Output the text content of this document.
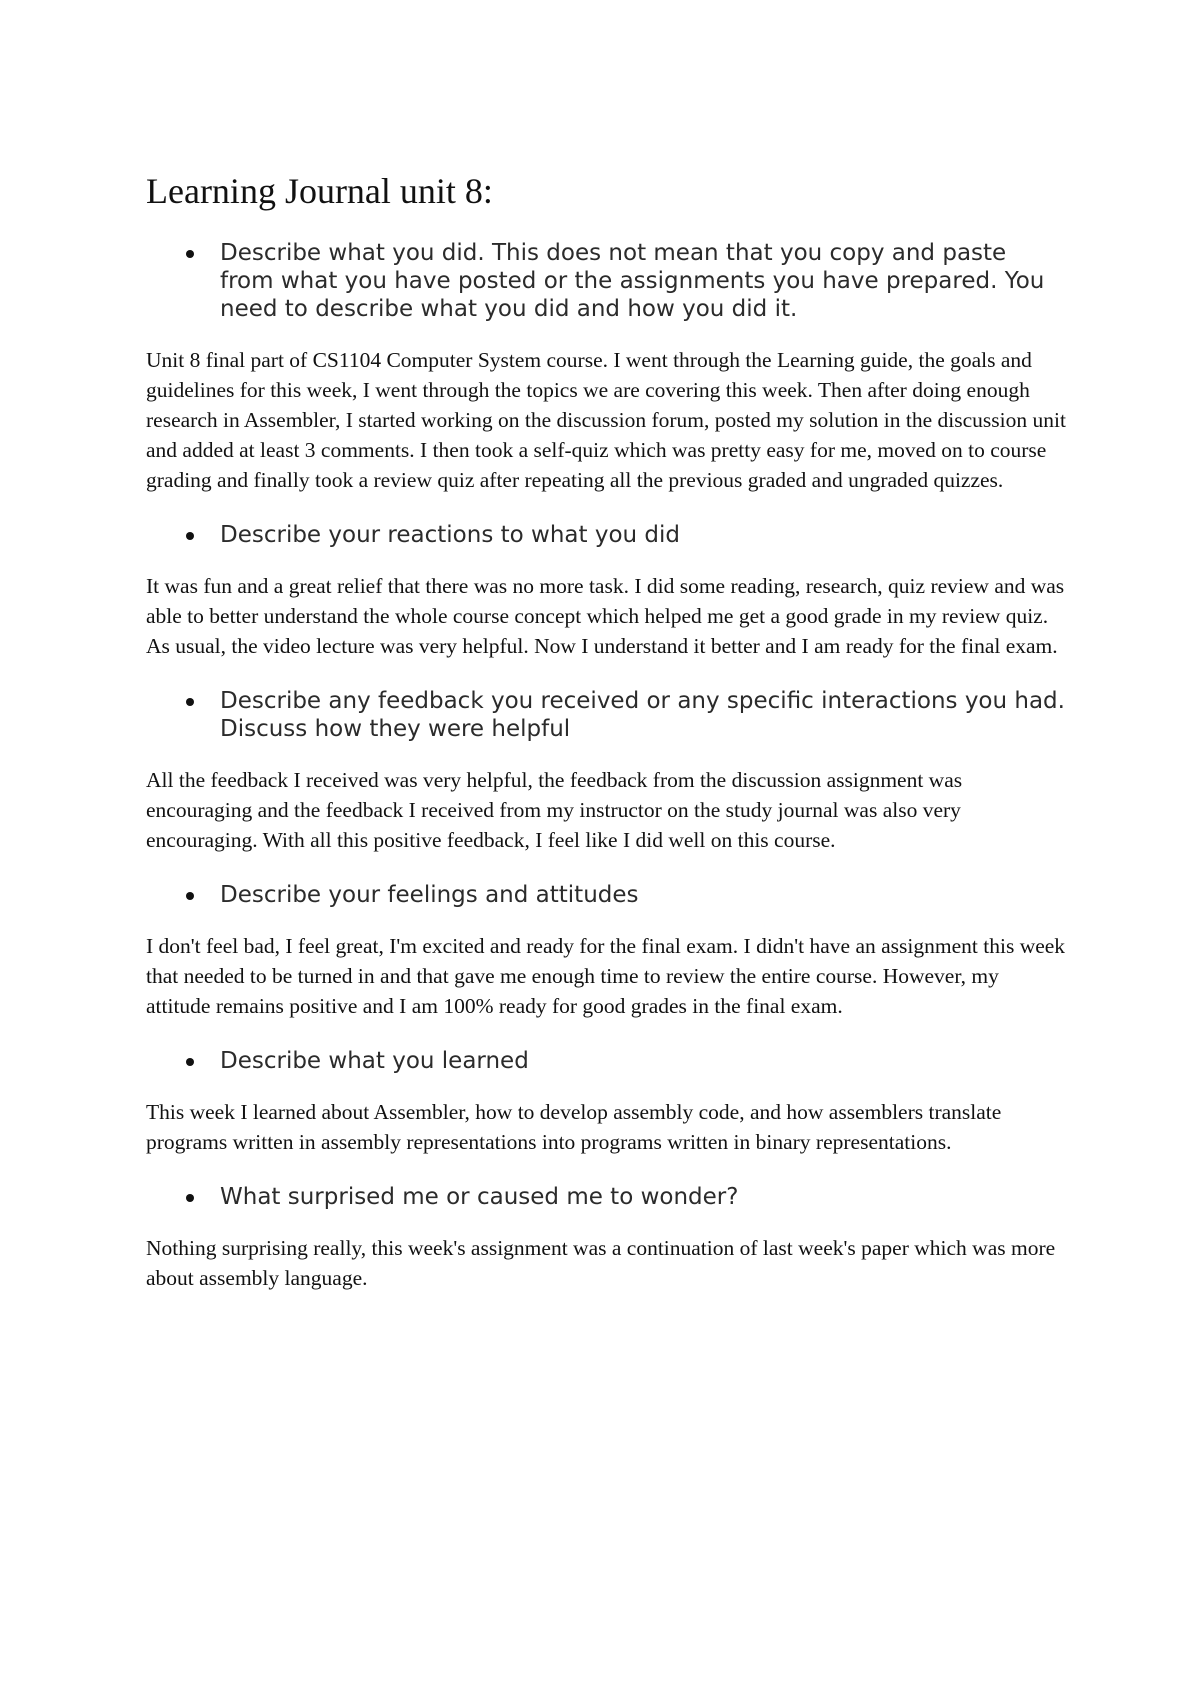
Learning Journal unit 8:
Describe what you did. This does not mean that you copy and paste from what you have posted or the assignments you have prepared. You need to describe what you did and how you did it.

Unit 8 final part of CS1104 Computer System course. I went through the Learning guide, the goals and guidelines for this week, I went through the topics we are covering this week. Then after doing enough research in Assembler, I started working on the discussion forum, posted my solution in the discussion unit and added at least 3 comments. I then took a self-quiz which was pretty easy for me, moved on to course grading and finally took a review quiz after repeating all the previous graded and ungraded quizzes.

Describe your reactions to what you did

It was fun and a great relief that there was no more task. I did some reading, research, quiz review and was able to better understand the whole course concept which helped me get a good grade in my review quiz. As usual, the video lecture was very helpful. Now I understand it better and I am ready for the final exam.

Describe any feedback you received or any specific interactions you had. Discuss how they were helpful

All the feedback I received was very helpful, the feedback from the discussion assignment was encouraging and the feedback I received from my instructor on the study journal was also very encouraging. With all this positive feedback, I feel like I did well on this course.

Describe your feelings and attitudes

I don't feel bad, I feel great, I'm excited and ready for the final exam. I didn't have an assignment this week that needed to be turned in and that gave me enough time to review the entire course. However, my attitude remains positive and I am 100% ready for good grades in the final exam.

Describe what you learned

This week I learned about Assembler, how to develop assembly code, and how assemblers translate programs written in assembly representations into programs written in binary representations.

What surprised me or caused me to wonder?

Nothing surprising really, this week's assignment was a continuation of last week's paper which was more about assembly language.
